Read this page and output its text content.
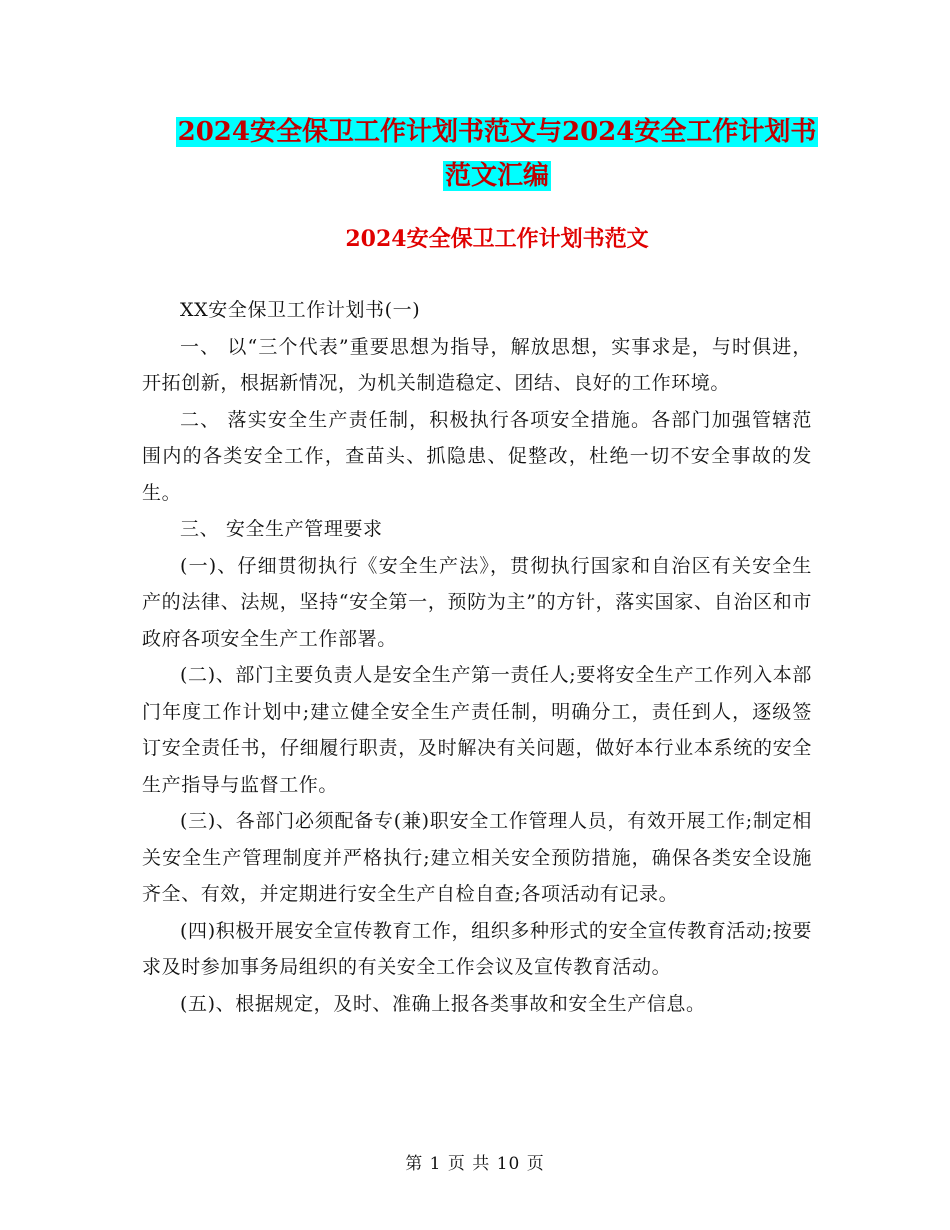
2024安全保卫工作计划书范文与2024安全工作计划书
范文汇编
2024安全保卫工作计划书范文

XX安全保卫工作计划书(一)

一、 以“三个代表”重要思想为指导，解放思想，实事求是，与时俱进，开拓创新，根据新情况，为机关制造稳定、团结、良好的工作环境。

二、 落实安全生产责任制，积极执行各项安全措施。各部门加强管辖范围内的各类安全工作，查苗头、抓隐患、促整改，杜绝一切不安全事故的发生。

三、 安全生产管理要求

(一)、仔细贯彻执行《安全生产法》，贯彻执行国家和自治区有关安全生产的法律、法规，坚持“安全第一，预防为主”的方针，落实国家、自治区和市政府各项安全生产工作部署。

(二)、部门主要负责人是安全生产第一责任人;要将安全生产工作列入本部门年度工作计划中;建立健全安全生产责任制，明确分工，责任到人，逐级签订安全责任书，仔细履行职责，及时解决有关问题，做好本行业本系统的安全生产指导与监督工作。

(三)、各部门必须配备专(兼)职安全工作管理人员，有效开展工作;制定相关安全生产管理制度并严格执行;建立相关安全预防措施，确保各类安全设施齐全、有效，并定期进行安全生产自检自查;各项活动有记录。

(四)积极开展安全宣传教育工作，组织多种形式的安全宣传教育活动;按要求及时参加事务局组织的有关安全工作会议及宣传教育活动。

(五)、根据规定，及时、准确上报各类事故和安全生产信息。

第 1 页 共 10 页
